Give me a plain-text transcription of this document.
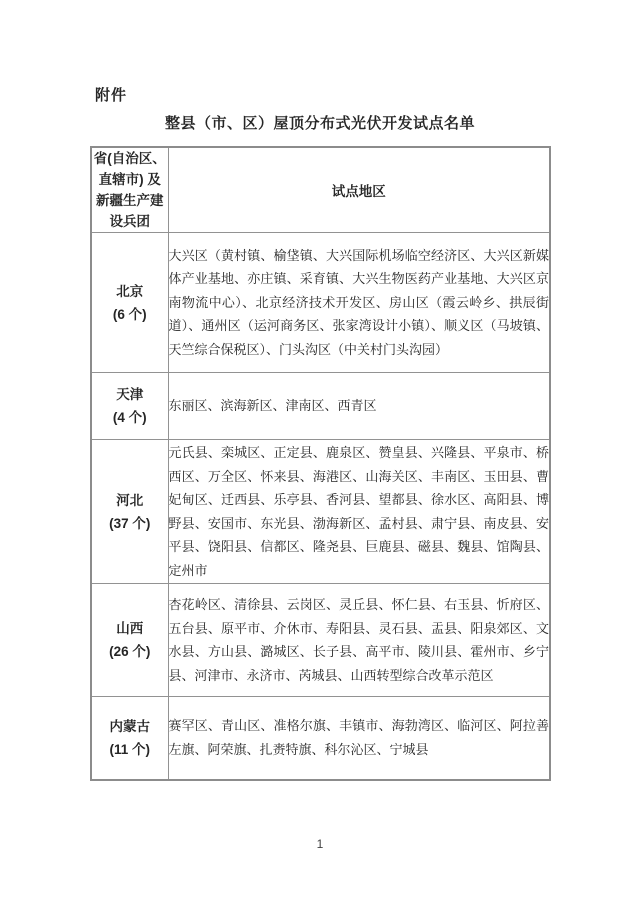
附件
整县（市、区）屋顶分布式光伏开发试点名单
省(自治区、
直辖市) 及
新疆生产建
设兵团	试点地区

北京
(6 个)	大兴区（黄村镇、榆垡镇、大兴国际机场临空经济区、大兴区新媒体产业基地、亦庄镇、采育镇、大兴生物医药产业基地、大兴区京南物流中心）、北京经济技术开发区、房山区（霞云岭乡、拱辰街道）、通州区（运河商务区、张家湾设计小镇）、顺义区（马坡镇、天竺综合保税区）、门头沟区（中关村门头沟园）

天津
(4 个)	东丽区、滨海新区、津南区、西青区

河北
(37 个)	元氏县、栾城区、正定县、鹿泉区、赞皇县、兴隆县、平泉市、桥西区、万全区、怀来县、海港区、山海关区、丰南区、玉田县、曹妃甸区、迁西县、乐亭县、香河县、望都县、徐水区、高阳县、博野县、安国市、东光县、渤海新区、孟村县、肃宁县、南皮县、安平县、饶阳县、信都区、隆尧县、巨鹿县、磁县、魏县、馆陶县、定州市

山西
(26 个)	杏花岭区、清徐县、云岗区、灵丘县、怀仁县、右玉县、忻府区、五台县、原平市、介休市、寿阳县、灵石县、盂县、阳泉郊区、文水县、方山县、潞城区、长子县、高平市、陵川县、霍州市、乡宁县、河津市、永济市、芮城县、山西转型综合改革示范区

内蒙古
(11 个)	赛罕区、青山区、准格尔旗、丰镇市、海勃湾区、临河区、阿拉善左旗、阿荣旗、扎赉特旗、科尔沁区、宁城县
1
